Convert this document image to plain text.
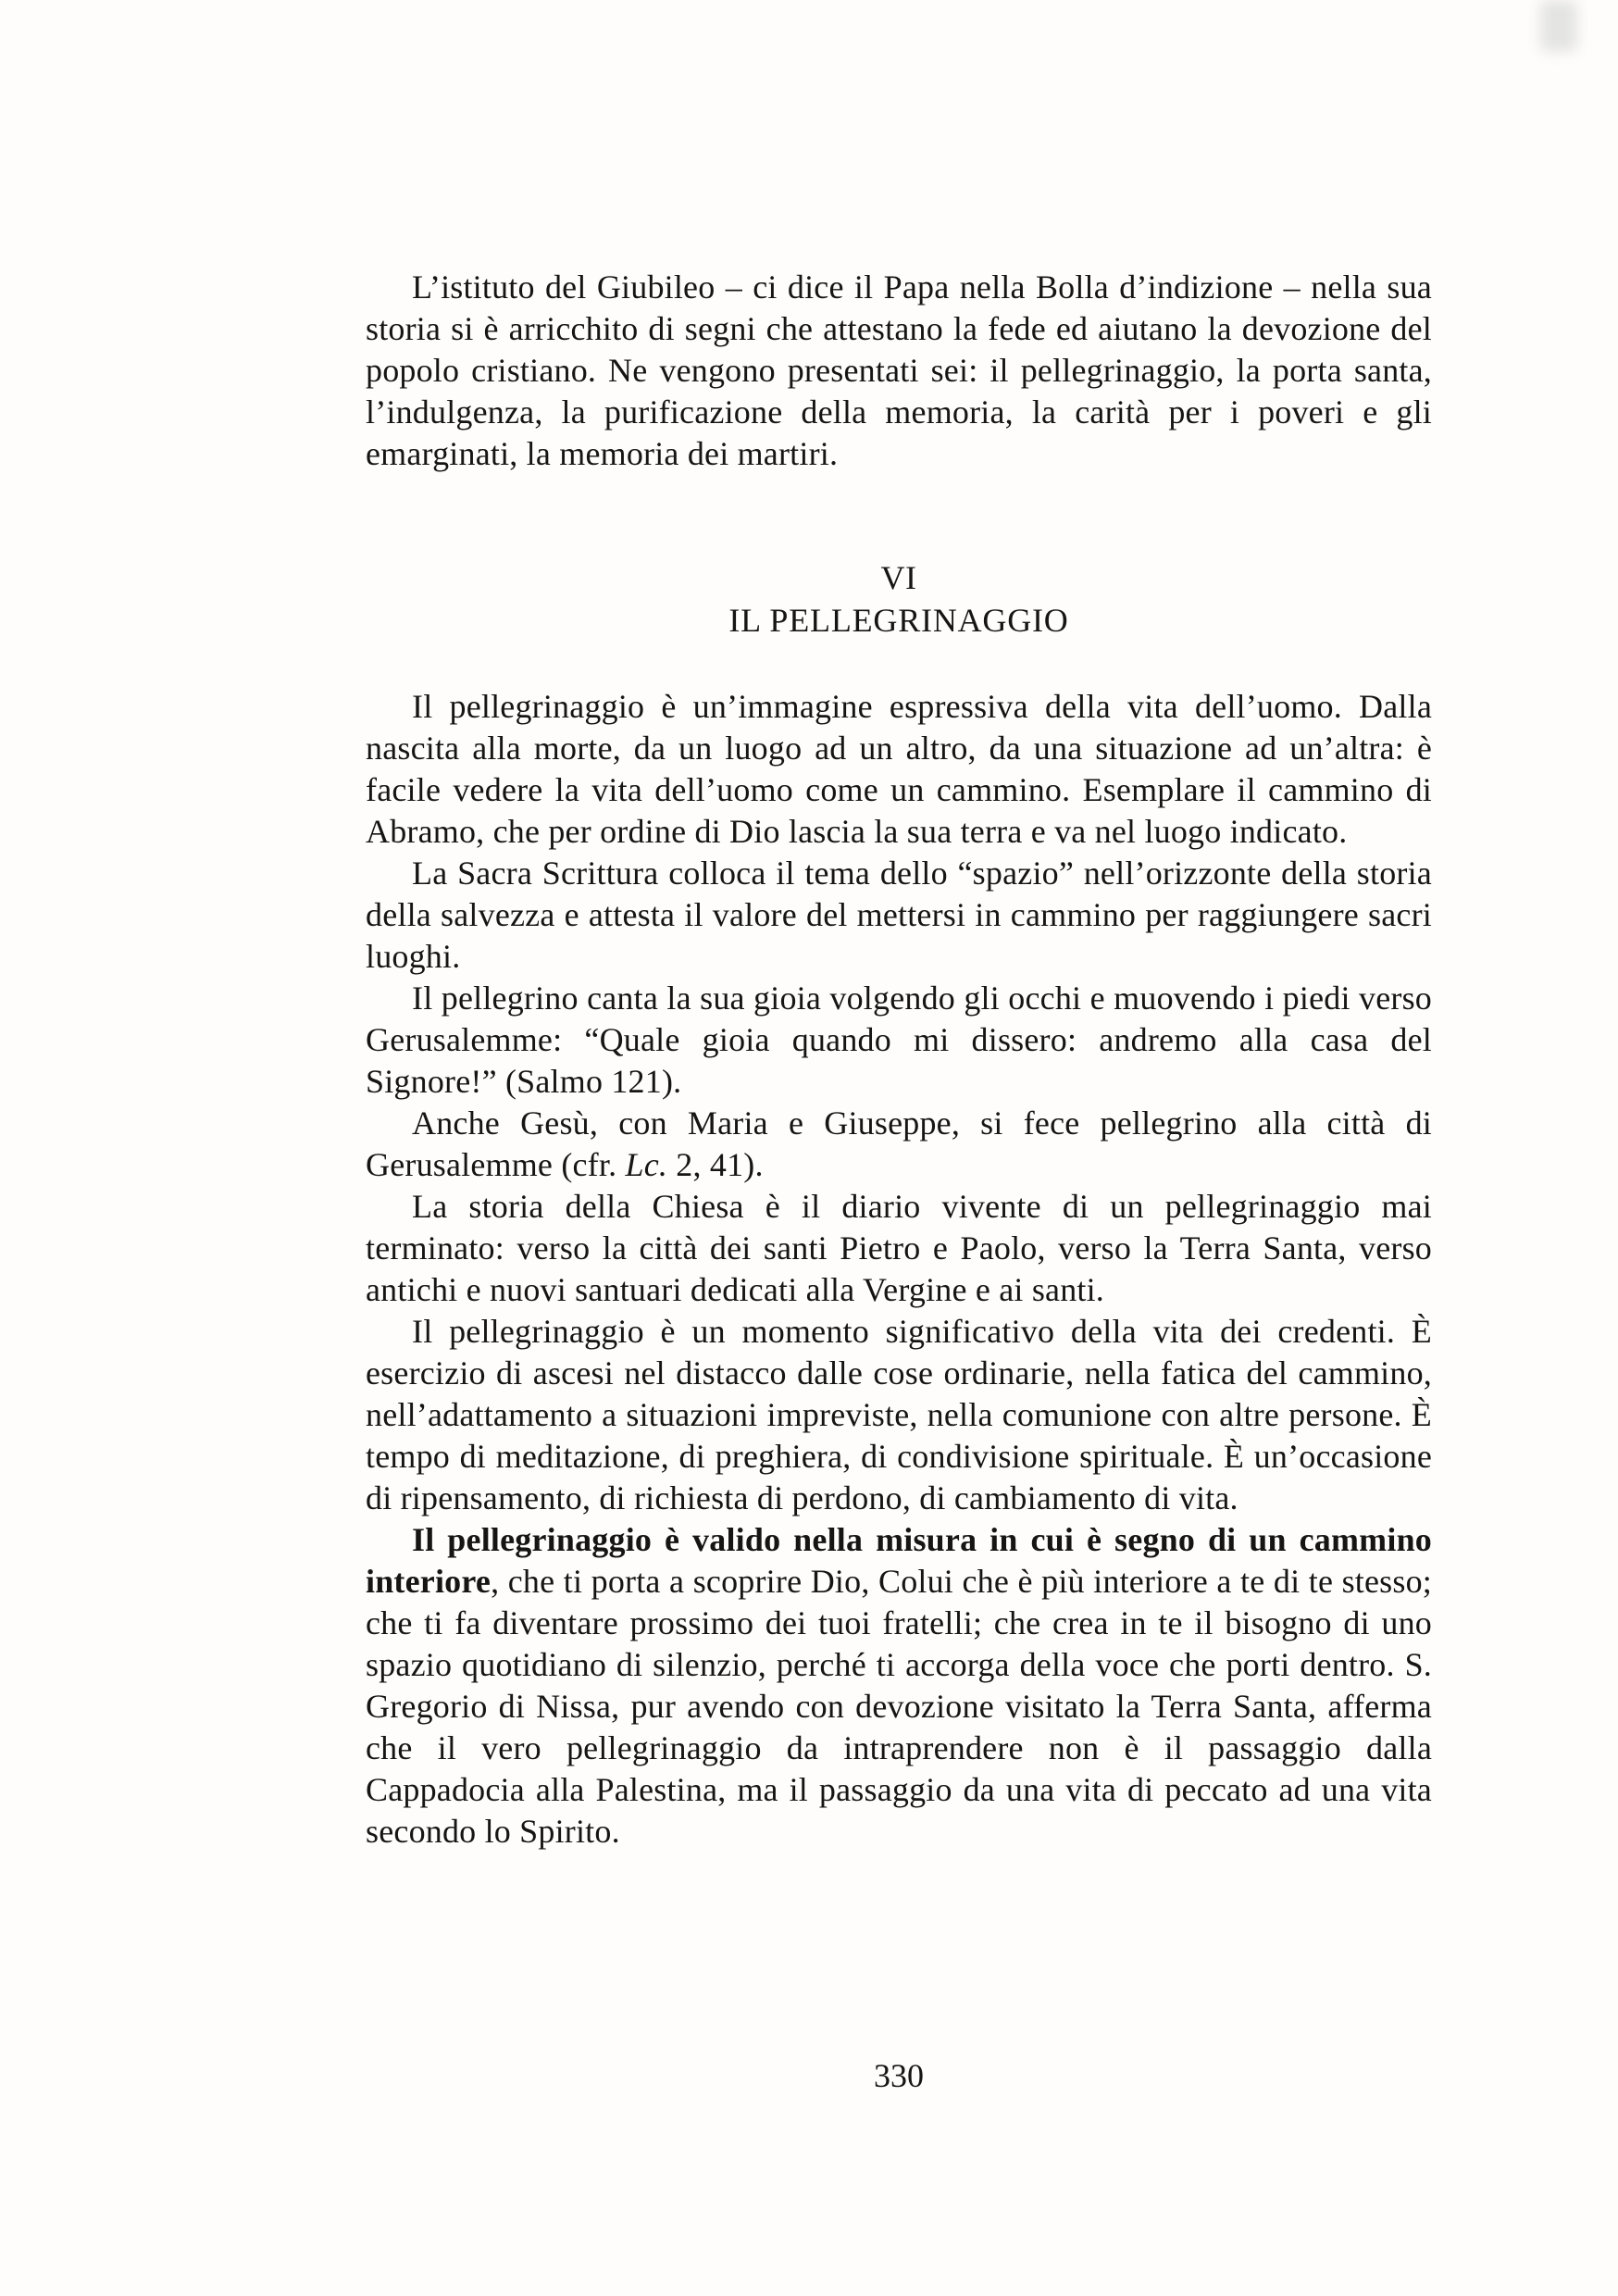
L’istituto del Giubileo – ci dice il Papa nella Bolla d’indizione – nella sua storia si è arricchito di segni che attestano la fede ed aiutano la devozione del popolo cristiano. Ne vengono presentati sei: il pellegrinaggio, la porta santa, l’indulgenza, la purificazione della memoria, la carità per i poveri e gli emarginati, la memoria dei martiri.

VI
IL PELLEGRINAGGIO

Il pellegrinaggio è un’immagine espressiva della vita dell’uomo. Dalla nascita alla morte, da un luogo ad un altro, da una situazione ad un’altra: è facile vedere la vita dell’uomo come un cammino. Esemplare il cammino di Abramo, che per ordine di Dio lascia la sua terra e va nel luogo indicato.

La Sacra Scrittura colloca il tema dello “spazio” nell’orizzonte della storia della salvezza e attesta il valore del mettersi in cammino per raggiungere sacri luoghi.

Il pellegrino canta la sua gioia volgendo gli occhi e muovendo i piedi verso Gerusalemme: “Quale gioia quando mi dissero: andremo alla casa del Signore!” (Salmo 121).

Anche Gesù, con Maria e Giuseppe, si fece pellegrino alla città di Gerusalemme (cfr. Lc. 2, 41).

La storia della Chiesa è il diario vivente di un pellegrinaggio mai terminato: verso la città dei santi Pietro e Paolo, verso la Terra Santa, verso antichi e nuovi santuari dedicati alla Vergine e ai santi.

Il pellegrinaggio è un momento significativo della vita dei credenti. È esercizio di ascesi nel distacco dalle cose ordinarie, nella fatica del cammino, nell’adattamento a situazioni impreviste, nella comunione con altre persone. È tempo di meditazione, di preghiera, di condivisione spirituale. È un’occasione di ripensamento, di richiesta di perdono, di cambiamento di vita.

Il pellegrinaggio è valido nella misura in cui è segno di un cammino interiore, che ti porta a scoprire Dio, Colui che è più interiore a te di te stesso; che ti fa diventare prossimo dei tuoi fratelli; che crea in te il bisogno di uno spazio quotidiano di silenzio, perché ti accorga della voce che porti dentro. S. Gregorio di Nissa, pur avendo con devozione visitato la Terra Santa, afferma che il vero pellegrinaggio da intraprendere non è il passaggio dalla Cappadocia alla Palestina, ma il passaggio da una vita di peccato ad una vita secondo lo Spirito.

330
